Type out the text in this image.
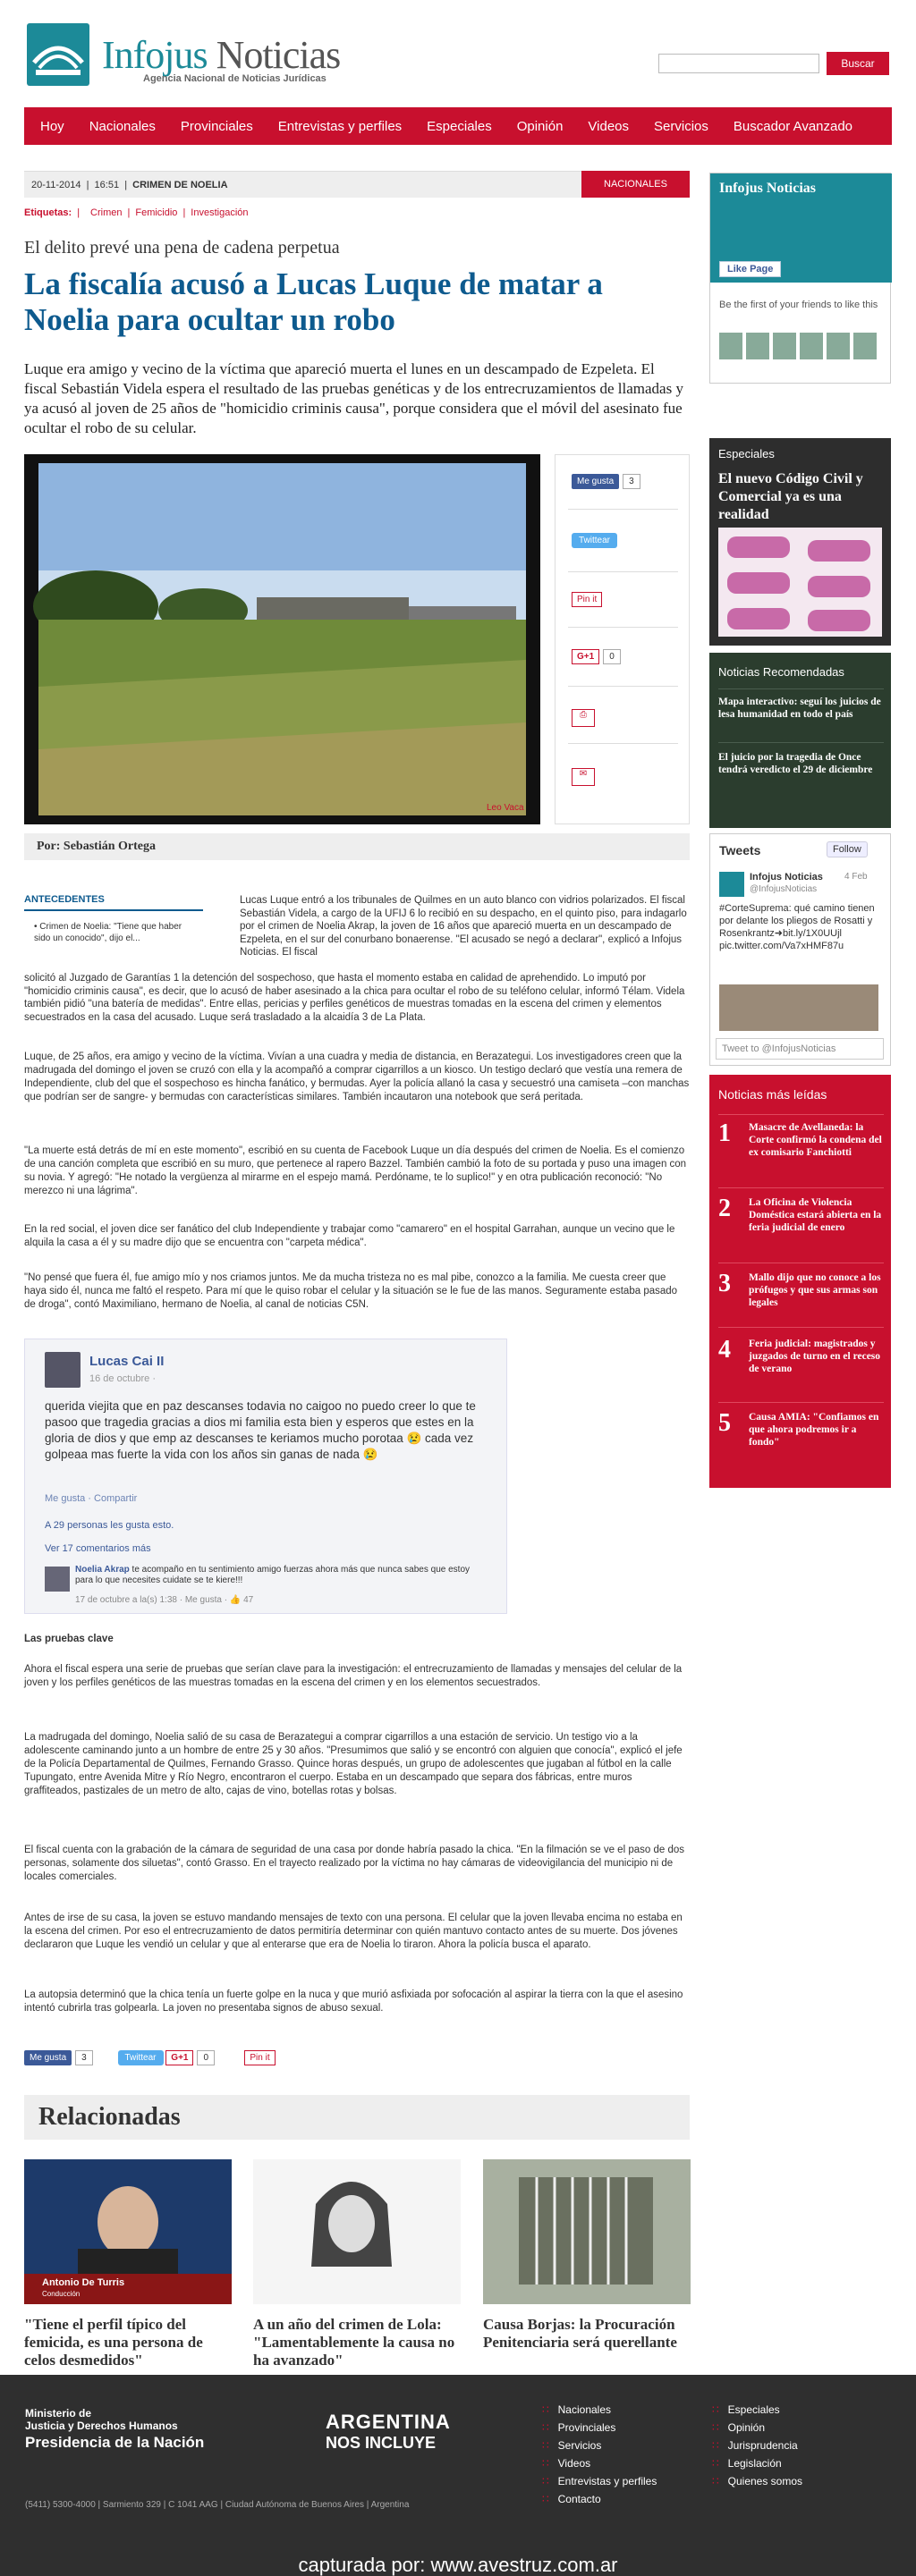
Infojus Noticias
Agencia Nacional de Noticias Jurídicas
Buscar
Hoy	Nacionales	Provinciales	Entrevistas y perfiles	Especiales	Opinión	Videos	Servicios	Buscador Avanzado
20-11-2014  |  16:51  |  CRIMEN DE NOELIA	NACIONALES
Etiquetas: | Crimen | Femicidio | Investigación
El delito prevé una pena de cadena perpetua
La fiscalía acusó a Lucas Luque de matar a Noelia para ocultar un robo
Luque era amigo y vecino de la víctima que apareció muerta el lunes en un descampado de Ezpeleta. El fiscal Sebastián Videla espera el resultado de las pruebas genéticas y de los entrecruzamientos de llamadas y ya acusó al joven de 25 años de "homicidio criminis causa", porque considera que el móvil del asesinato fue ocultar el robo de su celular.
Leo Vaca
Me gusta 3
Twittear
Pin it
G+1 0
⎙
✉
Por: Sebastián Ortega
ANTECEDENTES
• Crimen de Noelia: "Tiene que haber sido un conocido", dijo el...
Lucas Luque entró a los tribunales de Quilmes en un auto blanco con vidrios polarizados. El fiscal Sebastián Videla, a cargo de la UFIJ 6 lo recibió en su despacho, en el quinto piso, para indagarlo por el crimen de Noelia Akrap, la joven de 16 años que apareció muerta en un descampado de Ezpeleta, en el sur del conurbano bonaerense. "El acusado se negó a declarar", explicó a Infojus Noticias. El fiscal
solicitó al Juzgado de Garantías 1 la detención del sospechoso, que hasta el momento estaba en calidad de aprehendido. Lo imputó por "homicidio criminis causa", es decir, que lo acusó de haber asesinado a la chica para ocultar el robo de su teléfono celular, informó Télam. Videla también pidió "una batería de medidas". Entre ellas, pericias y perfiles genéticos de muestras tomadas en la escena del crimen y elementos secuestrados en la casa del acusado. Luque será trasladado a la alcaidía 3 de La Plata.
Luque, de 25 años, era amigo y vecino de la víctima. Vivían a una cuadra y media de distancia, en Berazategui. Los investigadores creen que la madrugada del domingo el joven se cruzó con ella y la acompañó a comprar cigarrillos a un kiosco. Un testigo declaró que vestía una remera de Independiente, club del que el sospechoso es hincha fanático, y bermudas. Ayer la policía allanó la casa y secuestró una camiseta –con manchas que podrían ser de sangre- y bermudas con características similares. También incautaron una notebook que será peritada.
"La muerte está detrás de mí en este momento", escribió en su cuenta de Facebook Luque un día después del crimen de Noelia. Es el comienzo de una canción completa que escribió en su muro, que pertenece al rapero Bazzel. También cambió la foto de su portada y puso una imagen con su novia. Y agregó: "He notado la vergüenza al mirarme en el espejo mamá. Perdóname, te lo suplico!" y en otra publicación reconoció: "No merezco ni una lágrima".
En la red social, el joven dice ser fanático del club Independiente y trabajar como "camarero" en el hospital Garrahan, aunque un vecino que le alquila la casa a él y su madre dijo que se encuentra con "carpeta médica".
"No pensé que fuera él, fue amigo mío y nos criamos juntos. Me da mucha tristeza no es mal pibe, conozco a la familia. Me cuesta creer que haya sido él, nunca me faltó el respeto. Para mí que le quiso robar el celular y la situación se le fue de las manos. Seguramente estaba pasado de droga", contó Maximiliano, hermano de Noelia, al canal de noticias C5N.
Lucas Cai II
16 de octubre ·
querida viejita que en paz descanses todavia no caigoo no puedo creer lo que te pasoo que tragedia gracias a dios mi familia esta bien y esperos que estes en la gloria de dios y que emp az descanses te keriamos mucho porotaa 😢 cada vez golpeaa mas fuerte la vida con los años sin ganas de nada 😢
Me gusta · Compartir
A 29 personas les gusta esto.
Ver 17 comentarios más
Noelia Akrap te acompaño en tu sentimiento amigo fuerzas ahora más que nunca sabes que estoy para lo que necesites cuidate se te kiere!!!
17 de octubre a la(s) 1:38 · Me gusta · 👍 47
Las pruebas clave
Ahora el fiscal espera una serie de pruebas que serían clave para la investigación: el entrecruzamiento de llamadas y mensajes del celular de la joven y los perfiles genéticos de las muestras tomadas en la escena del crimen y en los elementos secuestrados.
La madrugada del domingo, Noelia salió de su casa de Berazategui a comprar cigarrillos a una estación de servicio. Un testigo vio a la adolescente caminando junto a un hombre de entre 25 y 30 años. "Presumimos que salió y se encontró con alguien que conocía", explicó el jefe de la Policía Departamental de Quilmes, Fernando Grasso. Quince horas después, un grupo de adolescentes que jugaban al fútbol en la calle Tupungato, entre Avenida Mitre y Río Negro, encontraron el cuerpo. Estaba en un descampado que separa dos fábricas, entre muros graffiteados, pastizales de un metro de alto, cajas de vino, botellas rotas y bolsas.
El fiscal cuenta con la grabación de la cámara de seguridad de una casa por donde habría pasado la chica. "En la filmación se ve el paso de dos personas, solamente dos siluetas", contó Grasso. En el trayecto realizado por la víctima no hay cámaras de videovigilancia del municipio ni de locales comerciales.
Antes de irse de su casa, la joven se estuvo mandando mensajes de texto con una persona. El celular que la joven llevaba encima no estaba en la escena del crimen. Por eso el entrecruzamiento de datos permitiría determinar con quién mantuvo contacto antes de su muerte. Dos jóvenes declararon que Luque les vendió un celular y que al enterarse que era de Noelia lo tiraron. Ahora la policía busca el aparato.
La autopsia determinó que la chica tenía un fuerte golpe en la nuca y que murió asfixiada por sofocación al aspirar la tierra con la que el asesino intentó cubrirla tras golpearla. La joven no presentaba signos de abuso sexual.
Me gusta 3	Twittear G+1 0	Pin it
Relacionadas
Antonio De Turris
Conducción
"Tiene el perfil típico del femicida, es una persona de celos desmedidos"
A un año del crimen de Lola: "Lamentablemente la causa no ha avanzado"
Causa Borjas: la Procuración Penitenciaria será querellante
Infojus Noticias
Like Page
Be the first of your friends to like this
Especiales
El nuevo Código Civil y Comercial ya es una realidad
Noticias Recomendadas
Mapa interactivo: seguí los juicios de lesa humanidad en todo el país
El juicio por la tragedia de Once tendrá veredicto el 29 de diciembre
Tweets	Follow
Infojus Noticias
@InfojusNoticias
4 Feb
#CorteSuprema: qué camino tienen por delante los pliegos de Rosatti y Rosenkrantz➜bit.ly/1X0UUjl pic.twitter.com/Va7xHMF87u
Tweet to @InfojusNoticias
Noticias más leídas
1 Masacre de Avellaneda: la Corte confirmó la condena del ex comisario Fanchiotti
2 La Oficina de Violencia Doméstica estará abierta en la feria judicial de enero
3 Mallo dijo que no conoce a los prófugos y que sus armas son legales
4 Feria judicial: magistrados y juzgados de turno en el receso de verano
5 Causa AMIA: "Confiamos en que ahora podremos ir a fondo"
Ministerio de
Justicia y Derechos Humanos
Presidencia de la Nación
(5411) 5300-4000 | Sarmiento 329 | C 1041 AAG | Ciudad Autónoma de Buenos Aires | Argentina
ARGENTINA
NOS INCLUYE
∷ Nacionales
∷ Provinciales
∷ Servicios
∷ Videos
∷ Entrevistas y perfiles
∷ Contacto
∷ Especiales
∷ Opinión
∷ Jurisprudencia
∷ Legislación
∷ Quienes somos
capturada por: www.avestruz.com.ar
